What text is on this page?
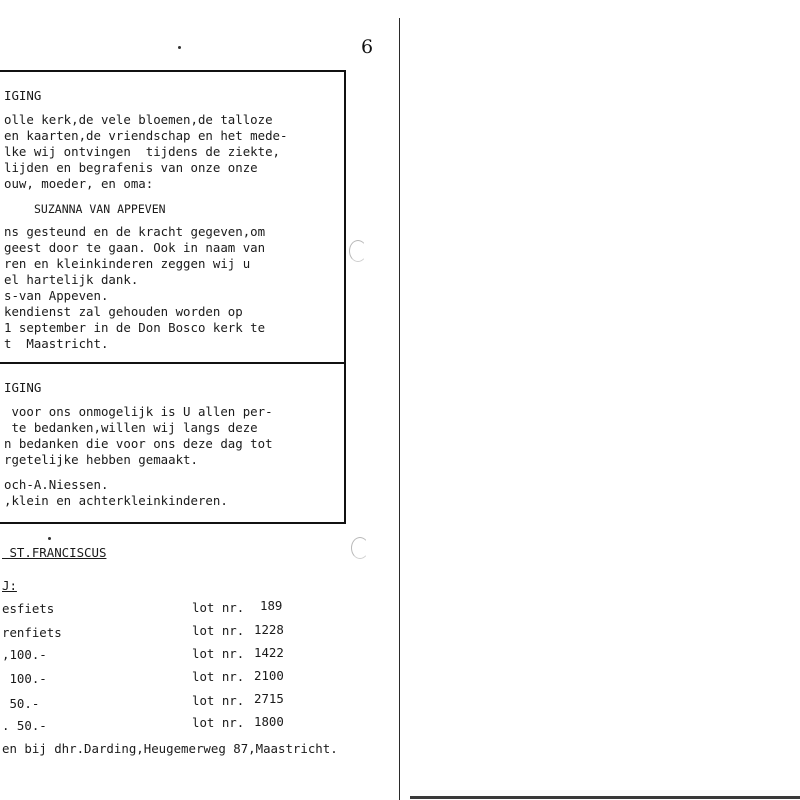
6
IGING
olle kerk,de vele bloemen,de talloze
en kaarten,de vriendschap en het mede-
lke wij ontvingen  tijdens de ziekte,
lijden en begrafenis van onze onze
ouw, moeder, en oma:
SUZANNA VAN APPEVEN
ns gesteund en de kracht gegeven,om
geest door te gaan. Ook in naam van
ren en kleinkinderen zeggen wij u
el hartelijk dank.
s-van Appeven.
kendienst zal gehouden worden op
1 september in de Don Bosco kerk te
t  Maastricht.
IGING
voor ons onmogelijk is U allen per-
te bedanken,willen wij langs deze
n bedanken die voor ons deze dag tot
rgetelijke hebben gemaakt.
och-A.Niessen.
,klein en achterkleinkinderen.
ST.FRANCISCUS
J:
esfiets	lot nr. 189
renfiets	lot nr. 1228
,100.-	lot nr. 1422
100.-	lot nr. 2100
50.-	lot nr. 2715
. 50.-	lot nr. 1800
en bij dhr.Darding,Heugemerweg 87,Maastricht.
